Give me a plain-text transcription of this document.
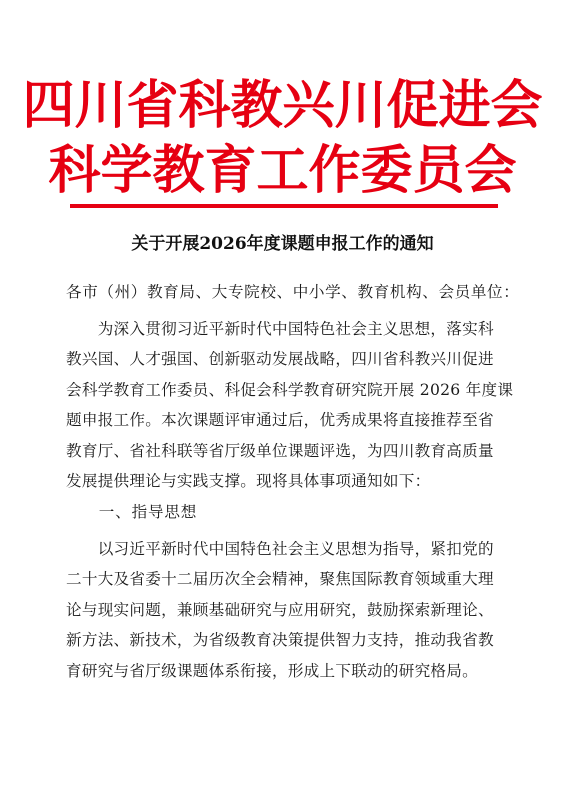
四川省科教兴川促进会
科学教育工作委员会
关于开展2026年度课题申报工作的通知
各市（州）教育局、大专院校、中小学、教育机构、会员单位：
　　为深入贯彻习近平新时代中国特色社会主义思想，落实科
教兴国、人才强国、创新驱动发展战略，四川省科教兴川促进
会科学教育工作委员、科促会科学教育研究院开展 2026 年度课
题申报工作。本次课题评审通过后，优秀成果将直接推荐至省
教育厅、省社科联等省厅级单位课题评选，为四川教育高质量
发展提供理论与实践支撑。现将具体事项通知如下：
　　一、指导思想
　　以习近平新时代中国特色社会主义思想为指导，紧扣党的
二十大及省委十二届历次全会精神，聚焦国际教育领域重大理
论与现实问题，兼顾基础研究与应用研究，鼓励探索新理论、
新方法、新技术，为省级教育决策提供智力支持，推动我省教
育研究与省厅级课题体系衔接，形成上下联动的研究格局。
